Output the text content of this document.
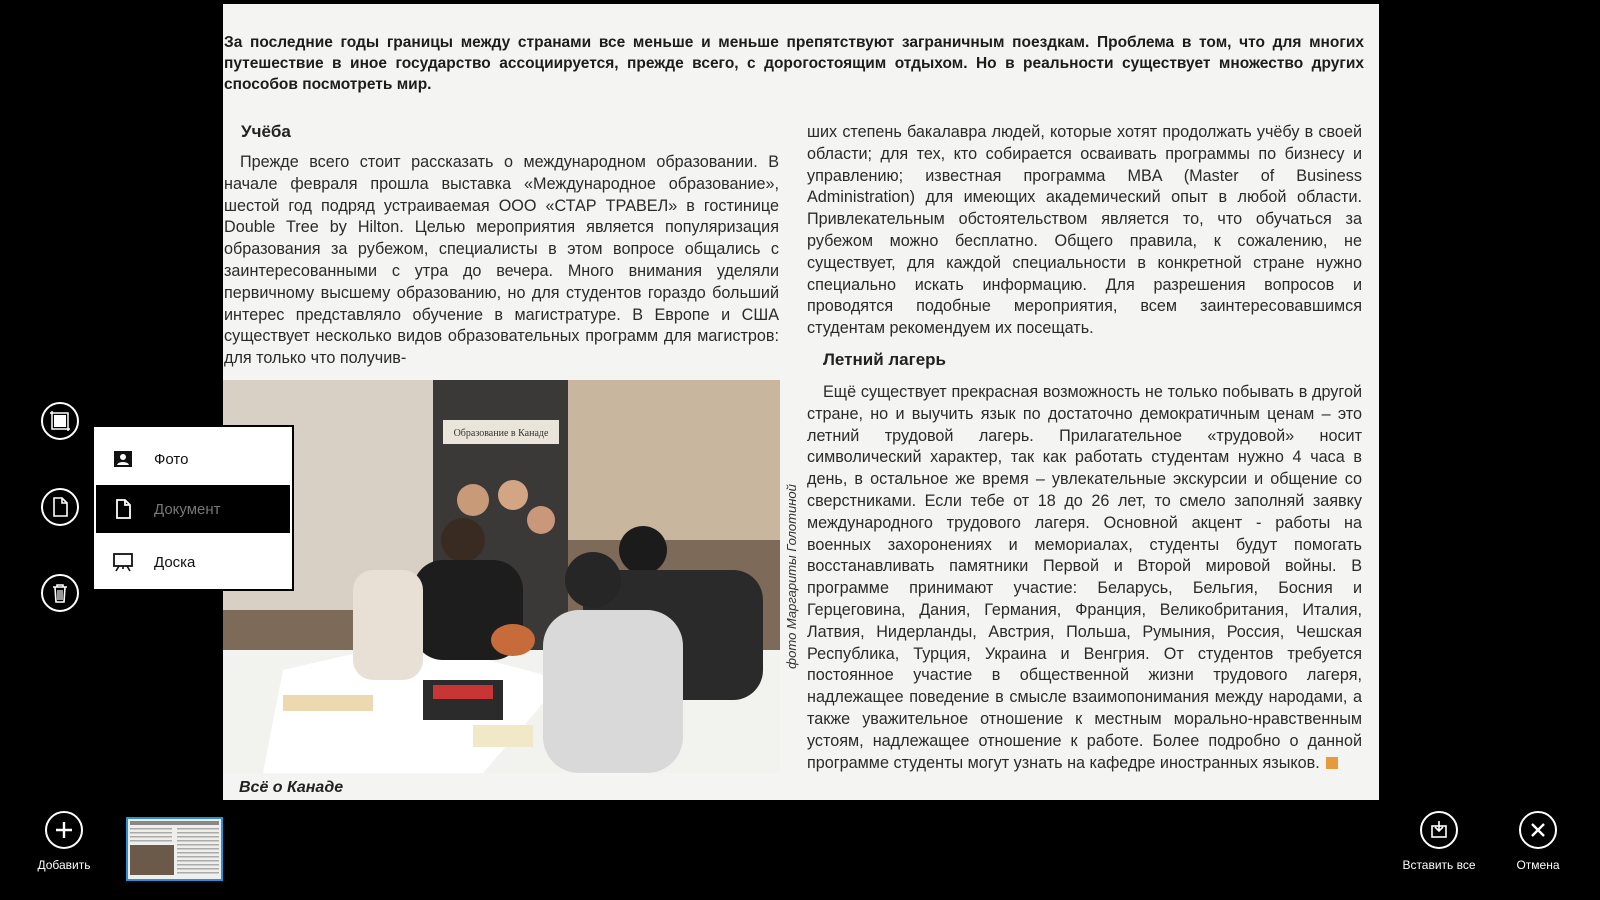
За последние годы границы между странами все меньше и меньше препятствуют заграничным поездкам. Проблема в том, что для многих путешествие в иное государство ассоциируется, прежде всего, с дорогостоящим отдыхом. Но в реальности существует множество других способов посмотреть мир.
Учёба

Прежде всего стоит рассказать о международном образовании. В начале февраля прошла выставка «Международное образование», шестой год подряд устраиваемая ООО «СТАР ТРАВЕЛ» в гостинице Double Tree by Hilton. Целью мероприятия является популяризация образования за рубежом, специалисты в этом вопросе общались с заинтересованными с утра до вечера. Много внимания уделяли первичному высшему образованию, но для студентов гораздо больший интерес представляло обучение в магистратуре. В Европе и США существует несколько видов образовательных программ для магистров: для только что получив-

Образование в Канаде
фото Маргариты Голотиной
Всё о Канаде

ших степень бакалавра людей, которые хотят продолжать учёбу в своей области; для тех, кто собирается осваивать программы по бизнесу и управлению; известная программа MBA (Master of Business Administration) для имеющих академический опыт в любой области. Привлекательным обстоятельством является то, что обучаться за рубежом можно бесплатно. Общего правила, к сожалению, не существует, для каждой специальности в конкретной стране нужно специально искать информацию. Для разрешения вопросов и проводятся подобные мероприятия, всем заинтересовавшимся студентам рекомендуем их посещать.

Летний лагерь

Ещё существует прекрасная возможность не только побывать в другой стране, но и выучить язык по достаточно демократичным ценам – это летний трудовой лагерь. Прилагательное «трудовой» носит символический характер, так как работать студентам нужно 4 часа в день, в остальное же время – увлекательные экскурсии и общение со сверстниками. Если тебе от 18 до 26 лет, то смело заполняй заявку международного трудового лагеря. Основной акцент - работы на военных захоронениях и мемориалах, студенты будут помогать восстанавливать памятники Первой и Второй мировой войны. В программе принимают участие: Беларусь, Бельгия, Босния и Герцеговина, Дания, Германия, Франция, Великобритания, Италия, Латвия, Нидерланды, Австрия, Польша, Румыния, Россия, Чешская Республика, Турция, Украина и Венгрия. От студентов требуется постоянное участие в общественной жизни трудового лагеря, надлежащее поведение в смысле взаимопонимания между народами, а также уважительное отношение к местным морально-нравственным устоям, надлежащее отношение к работе. Более подробно о данной программе студенты могут узнать на кафедре иностранных языков.

Фото
Документ
Доска
Добавить	Вставить все	Отмена
